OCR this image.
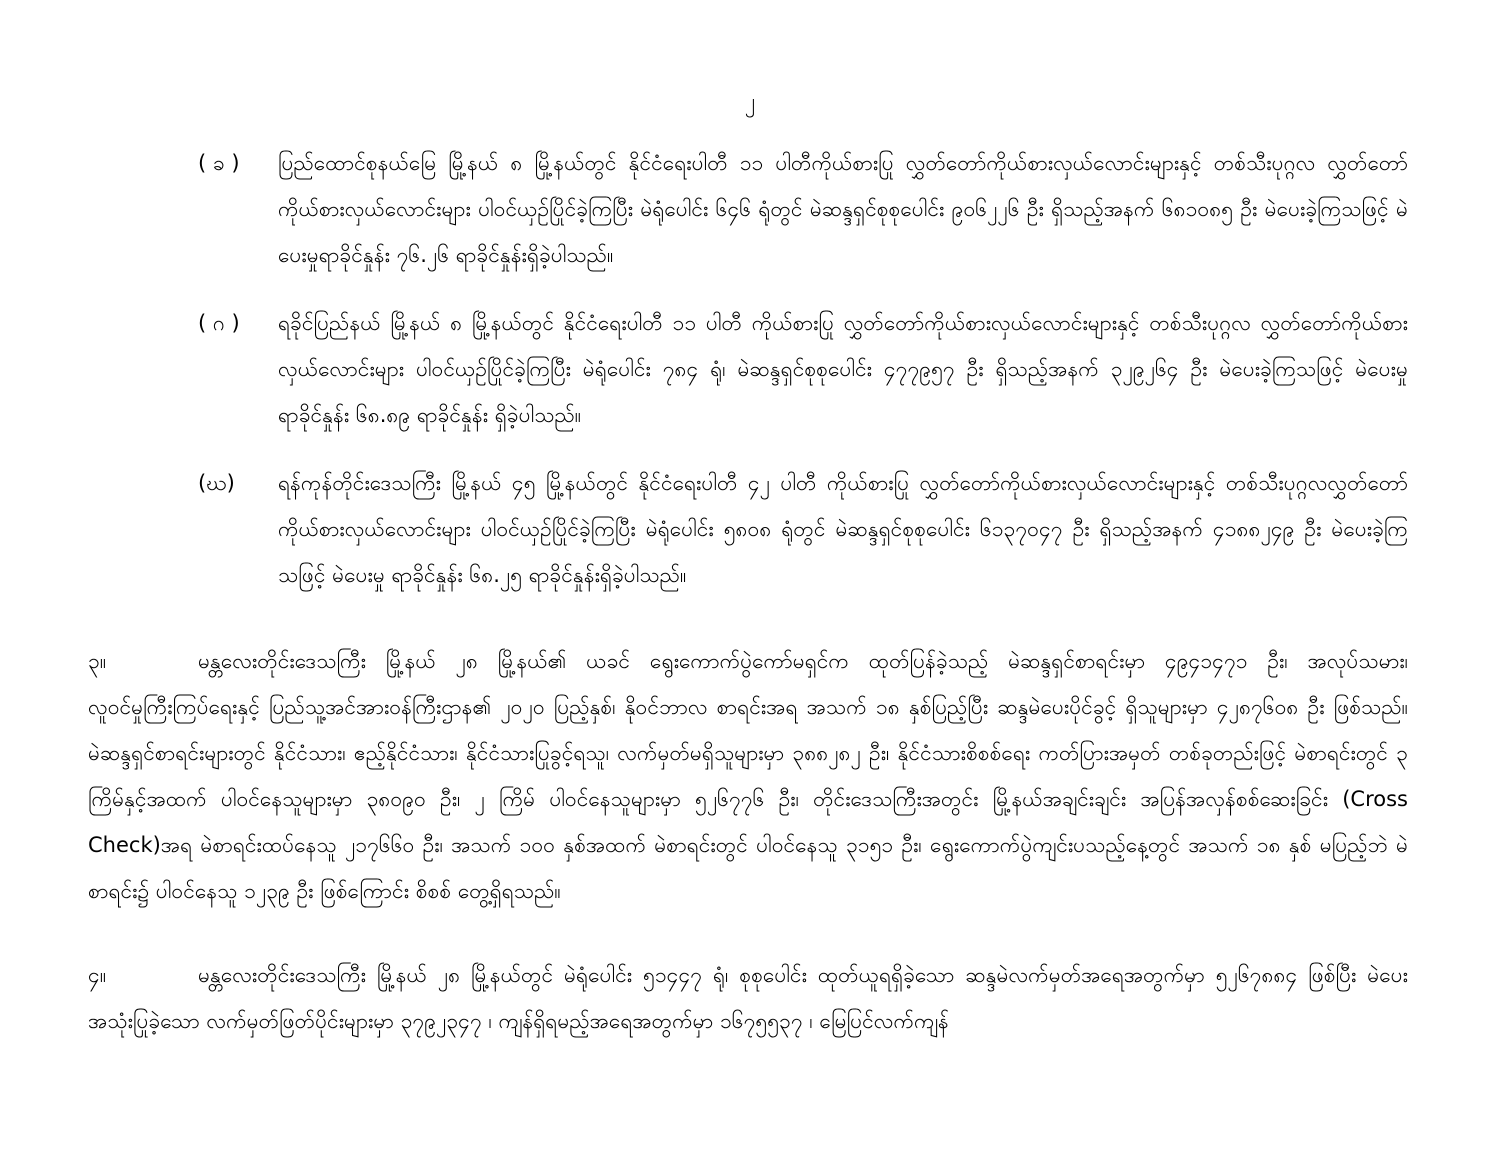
၂
( ခ )	ပြည်ထောင်စုနယ်မြေ မြို့နယ် ၈ မြို့နယ်တွင် နိုင်ငံရေးပါတီ ၁၁ ပါတီကိုယ်စားပြု လွှတ်တော်ကိုယ်စားလှယ်လောင်းများနှင့် တစ်သီးပုဂ္ဂလ လွှတ်တော်ကိုယ်စားလှယ်လောင်းများ ပါဝင်ယှဉ်ပြိုင်ခဲ့ကြပြီး မဲရုံပေါင်း ၆၄၆ ရုံတွင် မဲဆန္ဒရှင်စုစုပေါင်း ၉၀၆၂၂၆ ဦး ရှိသည့်အနက် ၆၈၁၀၈၅ ဦး မဲပေးခဲ့ကြသဖြင့် မဲပေးမှုရာခိုင်နှုန်း ၇၆.၂၆ ရာခိုင်နှုန်းရှိခဲ့ပါသည်။
( ဂ )	ရခိုင်ပြည်နယ် မြို့နယ် ၈ မြို့နယ်တွင် နိုင်ငံရေးပါတီ ၁၁ ပါတီ ကိုယ်စားပြု လွှတ်တော်ကိုယ်စားလှယ်လောင်းများနှင့် တစ်သီးပုဂ္ဂလ လွှတ်တော်ကိုယ်စား လှယ်လောင်းများ ပါဝင်ယှဉ်ပြိုင်ခဲ့ကြပြီး မဲရုံပေါင်း ၇၈၄ ရုံ၊ မဲဆန္ဒရှင်စုစုပေါင်း ၄၇၇၉၅၇ ဦး ရှိသည့်အနက် ၃၂၉၂၆၄ ဦး မဲပေးခဲ့ကြသဖြင့် မဲပေးမှုရာခိုင်နှုန်း ၆၈.၈၉ ရာခိုင်နှုန်း ရှိခဲ့ပါသည်။
(ဃ)	ရန်ကုန်တိုင်းဒေသကြီး မြို့နယ် ၄၅ မြို့နယ်တွင် နိုင်ငံရေးပါတီ ၄၂ ပါတီ ကိုယ်စားပြု လွှတ်တော်ကိုယ်စားလှယ်လောင်းများနှင့် တစ်သီးပုဂ္ဂလလွှတ်တော်ကိုယ်စားလှယ်လောင်းများ ပါဝင်ယှဉ်ပြိုင်ခဲ့ကြပြီး မဲရုံပေါင်း ၅၈၀၈ ရုံတွင် မဲဆန္ဒရှင်စုစုပေါင်း ၆၁၃၇၀၄၇ ဦး ရှိသည့်အနက် ၄၁၈၈၂၄၉ ဦး မဲပေးခဲ့ကြသဖြင့် မဲပေးမှု ရာခိုင်နှုန်း ၆၈.၂၅ ရာခိုင်နှုန်းရှိခဲ့ပါသည်။
၃။	မန္တလေးတိုင်းဒေသကြီး မြို့နယ် ၂၈ မြို့နယ်၏ ယခင် ရွေးကောက်ပွဲကော်မရှင်က ထုတ်ပြန်ခဲ့သည့် မဲဆန္ဒရှင်စာရင်းမှာ ၄၉၄၁၄၇၁ ဦး၊ အလုပ်သမား၊ လူဝင်မှုကြီးကြပ်ရေးနှင့် ပြည်သူ့အင်အားဝန်ကြီးဌာန၏ ၂၀၂၀ ပြည့်နှစ်၊ နိုဝင်ဘာလ စာရင်းအရ အသက် ၁၈ နှစ်ပြည့်ပြီး ဆန္ဒမဲပေးပိုင်ခွင့် ရှိသူများမှာ ၄၂၈၇၆၀၈ ဦး ဖြစ်သည်။ မဲဆန္ဒရှင်စာရင်းများတွင် နိုင်ငံသား၊ ဧည့်နိုင်ငံသား၊ နိုင်ငံသားပြုခွင့်ရသူ၊ လက်မှတ်မရှိသူများမှာ ၃၈၈၂၈၂ ဦး၊ နိုင်ငံသားစိစစ်ရေး ကတ်ပြားအမှတ် တစ်ခုတည်းဖြင့် မဲစာရင်းတွင် ၃ ကြိမ်နှင့်အထက် ပါဝင်နေသူများမှာ ၃၈၀၉၀ ဦး၊ ၂ ကြိမ် ပါဝင်နေသူများမှာ ၅၂၆၇၇၆ ဦး၊ တိုင်းဒေသကြီးအတွင်း မြို့နယ်အချင်းချင်း အပြန်အလှန်စစ်ဆေးခြင်း (Cross Check)အရ မဲစာရင်းထပ်နေသူ ၂၁၇၆၆၀ ဦး၊ အသက် ၁၀၀ နှစ်အထက် မဲစာရင်းတွင် ပါဝင်နေသူ ၃၁၅၁ ဦး၊ ရွေးကောက်ပွဲကျင်းပသည့်နေ့တွင် အသက် ၁၈ နှစ် မပြည့်ဘဲ မဲစာရင်း၌ ပါဝင်နေသူ ၁၂၃၉ ဦး ဖြစ်ကြောင်း စိစစ် တွေ့ရှိရသည်။
၄။	မန္တလေးတိုင်းဒေသကြီး မြို့နယ် ၂၈ မြို့နယ်တွင် မဲရုံပေါင်း ၅၁၄၄၇ ရုံ၊ စုစုပေါင်း ထုတ်ယူရရှိခဲ့သော ဆန္ဒမဲလက်မှတ်အရေအတွက်မှာ ၅၂၆၇၈၈၄ ဖြစ်ပြီး မဲပေးအသုံးပြုခဲ့သော လက်မှတ်ဖြတ်ပိုင်းများမှာ ၃၇၉၂၃၄၇ ၊ ကျန်ရှိရမည့်အရေအတွက်မှာ ၁၆၇၅၅၃၇ ၊ မြေပြင်လက်ကျန်
